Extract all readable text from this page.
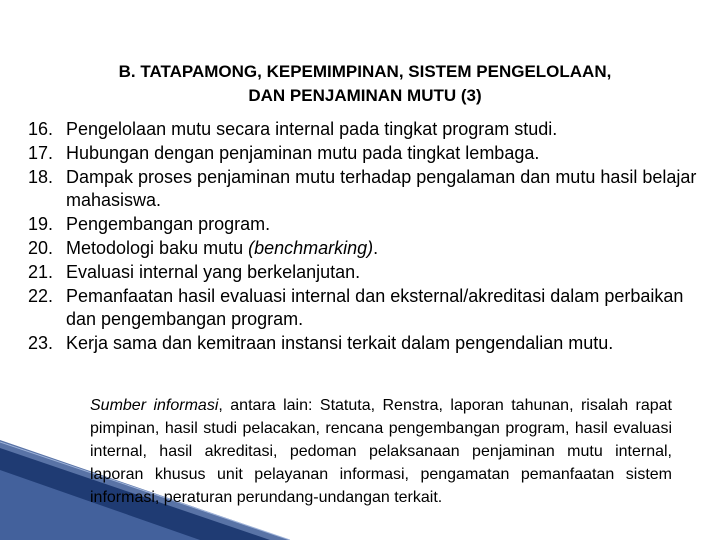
B. TATAPAMONG, KEPEMIMPINAN, SISTEM PENGELOLAAN,
DAN PENJAMINAN MUTU (3)
16. Pengelolaan mutu secara internal pada tingkat program studi.
17. Hubungan dengan penjaminan mutu pada tingkat lembaga.
18. Dampak proses penjaminan mutu terhadap pengalaman dan mutu hasil belajar mahasiswa.
19. Pengembangan program.
20. Metodologi baku mutu (benchmarking).
21. Evaluasi internal yang berkelanjutan.
22. Pemanfaatan hasil evaluasi internal dan eksternal/akreditasi dalam perbaikan dan pengembangan program.
23. Kerja sama dan kemitraan instansi terkait dalam pengendalian mutu.
Sumber informasi, antara lain: Statuta, Renstra, laporan tahunan, risalah rapat pimpinan, hasil studi pelacakan, rencana pengembangan program, hasil evaluasi internal, hasil akreditasi, pedoman pelaksanaan penjaminan mutu internal, laporan khusus unit pelayanan informasi, pengamatan pemanfaatan sistem informasi, peraturan perundang-undangan terkait.
